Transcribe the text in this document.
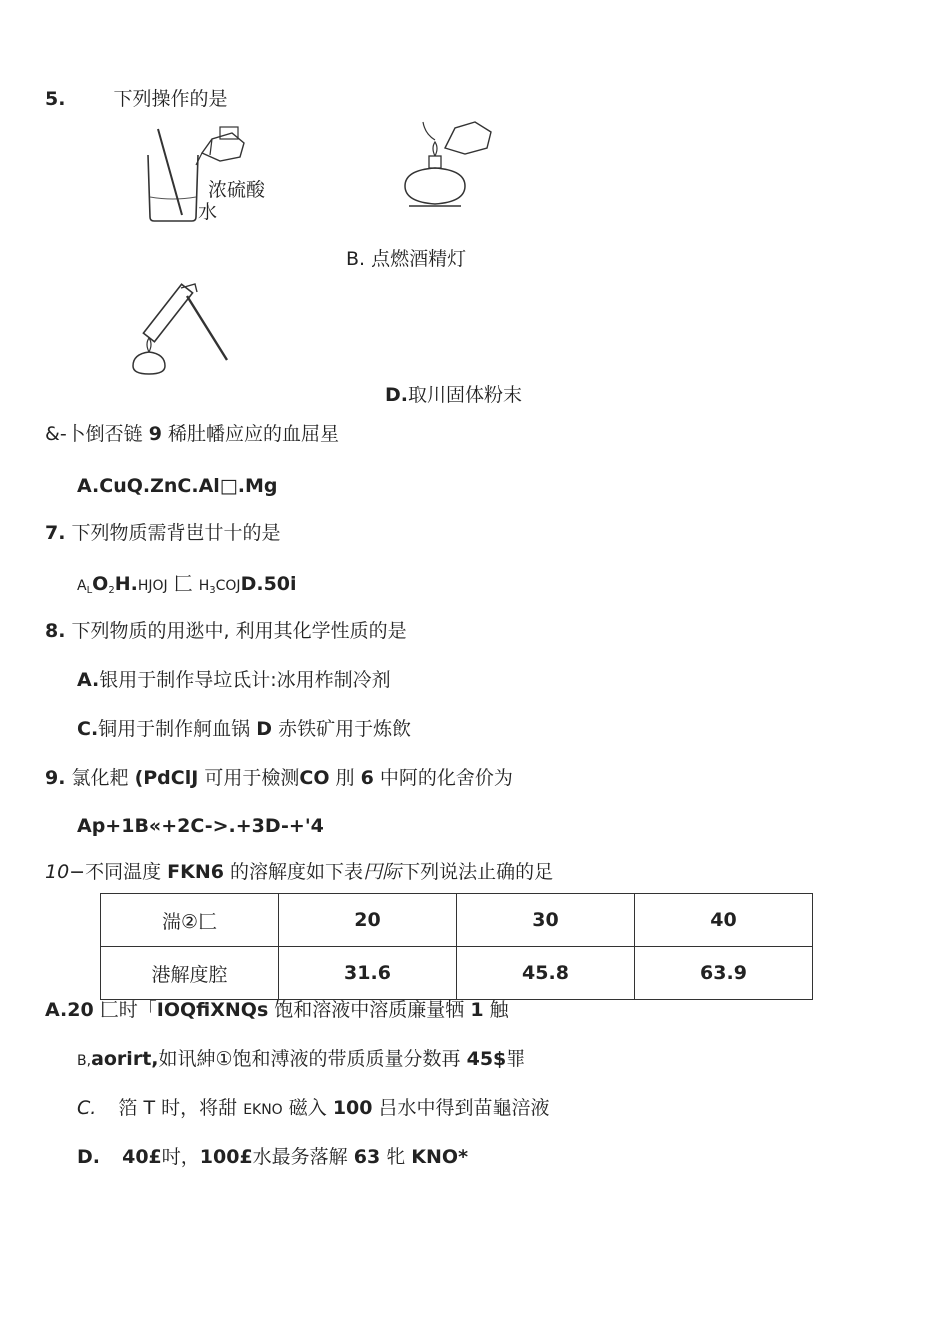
5.	下列操作的是
浓硫酸
水
B. 点燃酒精灯
D.取川固体粉末
&-卜倒否链 9 稀肚幡应应的血屈星
A.CuQ.ZnC.Al□.Mg
7. 下列物质需背岜廿十的是
$A_LO_2H.HJOJ$ 匚 $H_3COJD.50i$
8. 下列物质的用逖中, 利用其化学性质的是
A.银用于制作导垃氐计:冰用柞制冷剂
C.铜用于制作舸血锅 D 赤铁矿用于炼飲
9. 氯化耙 (PdClJ 可用于檢测CO 刖 6 中阿的化舍价为
Ap+1B«+2C->.+3D-+'4
10−不同温度 FKN6 的溶解度如下表円际下列说法止确的足
湍②匚	20	30	40
港解度腔	31.6	45.8	63.9
A.20 匚时「IOQfiXNQs 饱和溶液中溶质廉量牺 1 触
B,aorirt,如讯紳①饱和溥液的带质质量分数再 45$罪
C. 箔 T 时，将甜 EKNO 磁入 100 吕水中得到苗龜涪液
D. 40£吋，100£水最务落解 63 牝 KNO*
